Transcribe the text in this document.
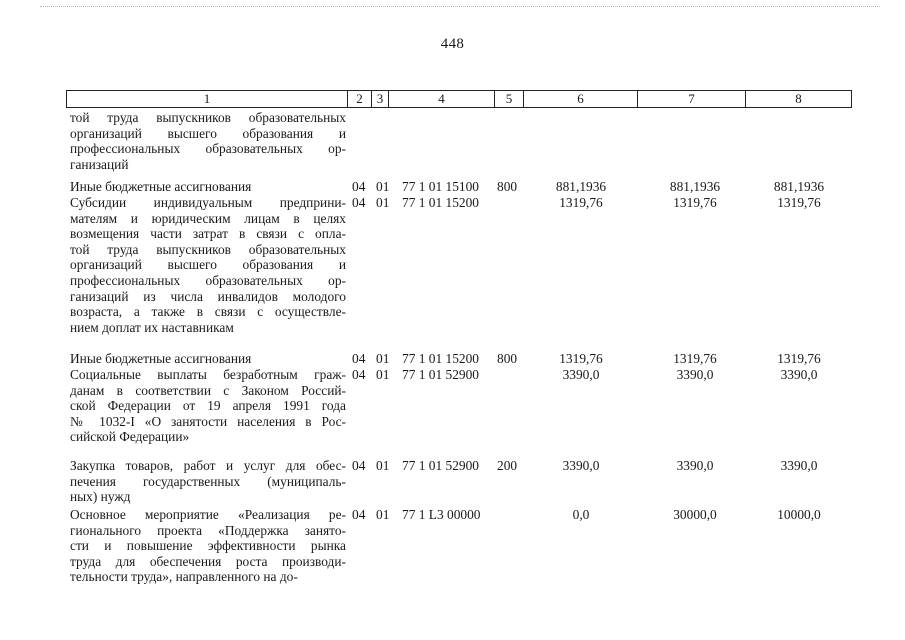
448
1	2	3	4	5	6	7	8
той труда выпускников образовательных
организаций высшего образования и
профессиональных образовательных ор-
ганизаций
Иные бюджетные ассигнования	04 01 77 1 01 15100 800	881,1936	881,1936	881,1936
Субсидии индивидуальным предприни-
мателям и юридическим лицам в целях
возмещения части затрат в связи с опла-
той труда выпускников образовательных
организаций высшего образования и
профессиональных образовательных ор-
ганизаций из числа инвалидов молодого
возраста, а также в связи с осуществле-
нием доплат их наставникам
04 01 77 1 01 15200	1319,76	1319,76	1319,76
Иные бюджетные ассигнования	04 01 77 1 01 15200 800	1319,76	1319,76	1319,76
Социальные выплаты безработным граж-
данам в соответствии с Законом Россий-
ской Федерации от 19 апреля 1991 года
№ 1032-I «О занятости населения в Рос-
сийской Федерации»
04 01 77 1 01 52900	3390,0	3390,0	3390,0
Закупка товаров, работ и услуг для обес-
печения государственных (муниципаль-
ных) нужд
04 01 77 1 01 52900 200	3390,0	3390,0	3390,0
Основное мероприятие «Реализация ре-
гионального проекта «Поддержка занято-
сти и повышение эффективности рынка
труда для обеспечения роста производи-
тельности труда», направленного на до-
04 01 77 1 L3 00000	0,0	30000,0	10000,0
